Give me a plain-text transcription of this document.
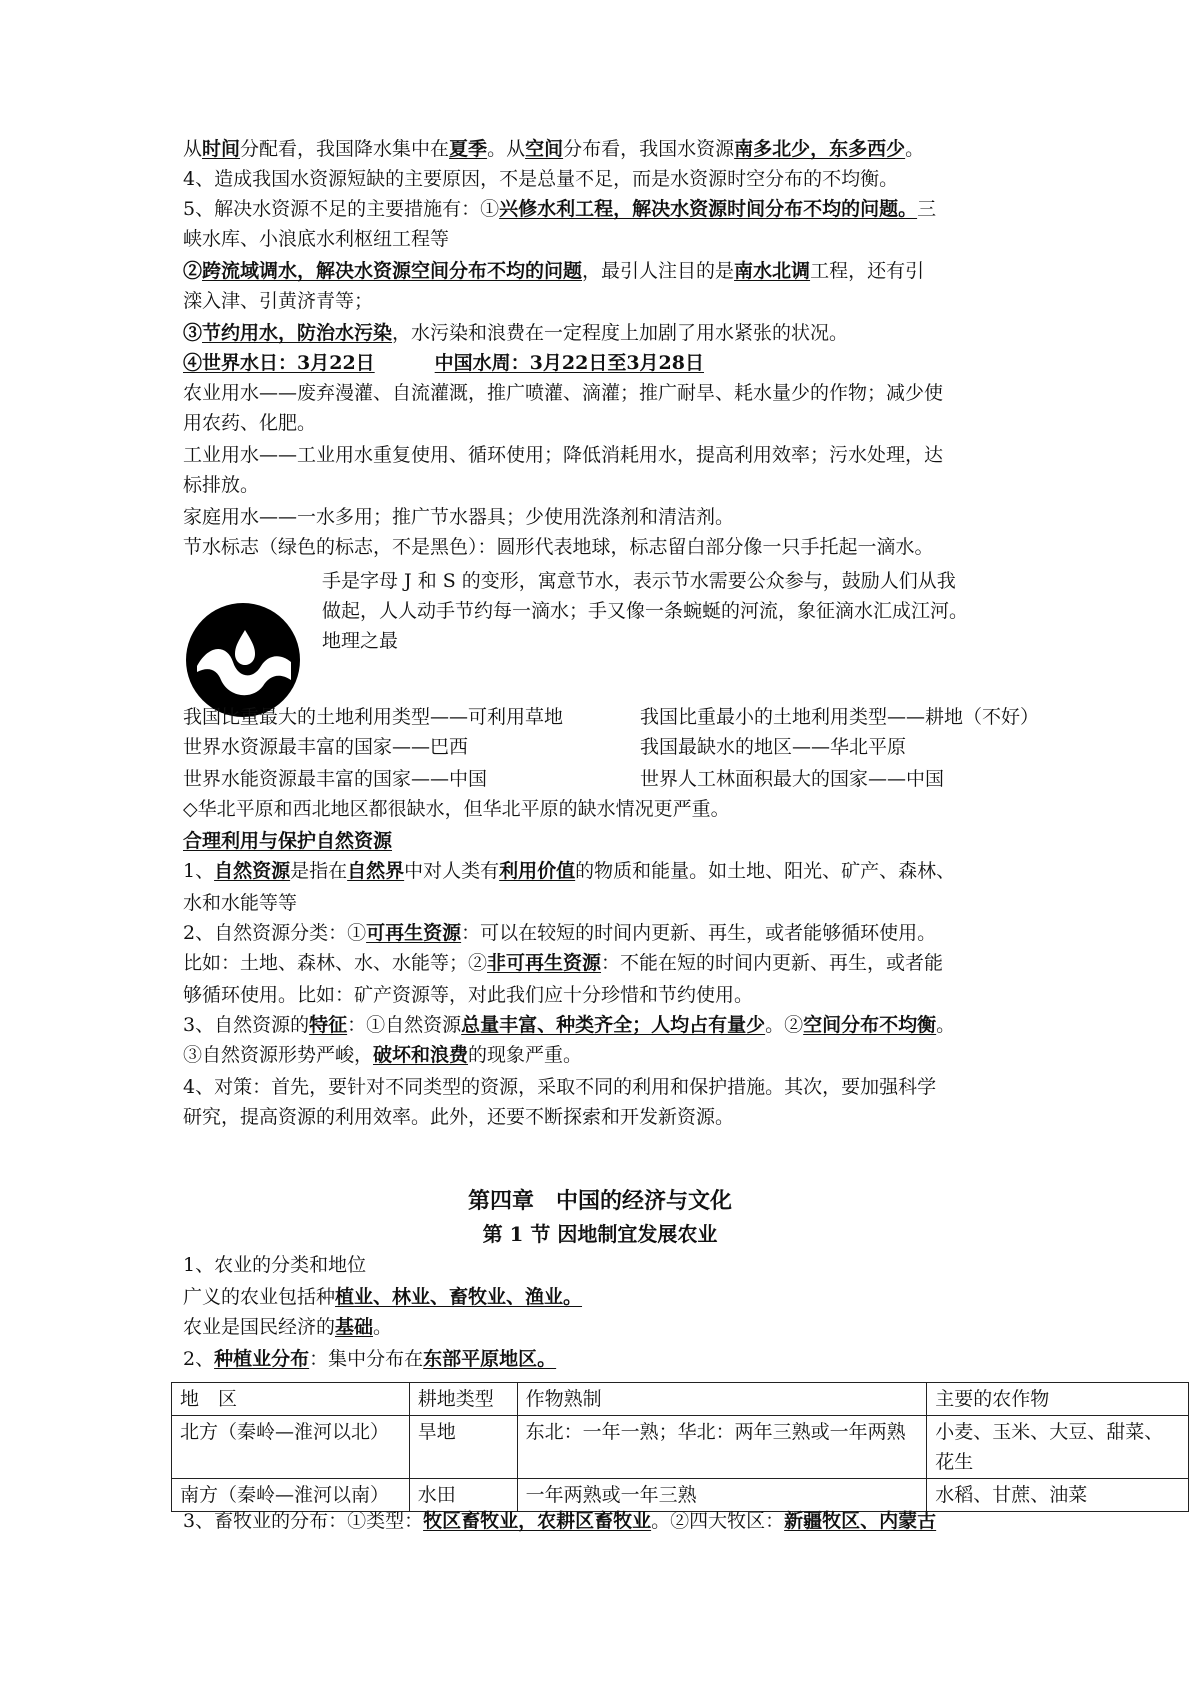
从时间分配看，我国降水集中在夏季。从空间分布看，我国水资源南多北少，东多西少。
4、造成我国水资源短缺的主要原因，不是总量不足，而是水资源时空分布的不均衡。
5、解决水资源不足的主要措施有：①兴修水利工程，解决水资源时间分布不均的问题。三
峡水库、小浪底水利枢纽工程等
②跨流域调水，解决水资源空间分布不均的问题，最引人注目的是南水北调工程，还有引
滦入津、引黄济青等；
③节约用水，防治水污染，水污染和浪费在一定程度上加剧了用水紧张的状况。
④世界水日：3月22日	中国水周：3月22日至3月28日
农业用水——废弃漫灌、自流灌溉，推广喷灌、滴灌；推广耐旱、耗水量少的作物；减少使
用农药、化肥。
工业用水——工业用水重复使用、循环使用；降低消耗用水，提高利用效率；污水处理，达
标排放。
家庭用水——一水多用；推广节水器具；少使用洗涤剂和清洁剂。
节水标志（绿色的标志，不是黑色）：圆形代表地球，标志留白部分像一只手托起一滴水。
手是字母 J 和 S 的变形，寓意节水，表示节水需要公众参与，鼓励人们从我
做起，人人动手节约每一滴水；手又像一条蜿蜒的河流，象征滴水汇成江河。
地理之最
我国比重最大的土地利用类型——可利用草地	我国比重最小的土地利用类型——耕地（不好）
世界水资源最丰富的国家——巴西	我国最缺水的地区——华北平原
世界水能资源最丰富的国家——中国	世界人工林面积最大的国家——中国
◇华北平原和西北地区都很缺水，但华北平原的缺水情况更严重。
合理利用与保护自然资源
1、自然资源是指在自然界中对人类有利用价值的物质和能量。如土地、阳光、矿产、森林、
水和水能等等
2、自然资源分类：①可再生资源：可以在较短的时间内更新、再生，或者能够循环使用。
比如：土地、森林、水、水能等；②非可再生资源：不能在短的时间内更新、再生，或者能
够循环使用。比如：矿产资源等，对此我们应十分珍惜和节约使用。
3、自然资源的特征：①自然资源总量丰富、种类齐全；人均占有量少。②空间分布不均衡。
③自然资源形势严峻，破坏和浪费的现象严重。
4、对策：首先，要针对不同类型的资源，采取不同的利用和保护措施。其次，要加强科学
研究，提高资源的利用效率。此外，还要不断探索和开发新资源。
第四章　中国的经济与文化
第 1 节 因地制宜发展农业
1、农业的分类和地位
广义的农业包括种植业、林业、畜牧业、渔业。
农业是国民经济的基础。
2、种植业分布：集中分布在东部平原地区。
地　区	耕地类型	作物熟制	主要的农作物
北方（秦岭—淮河以北）	旱地	东北：一年一熟；华北：两年三熟或一年两熟	小麦、玉米、大豆、甜菜、花生
南方（秦岭—淮河以南）	水田	一年两熟或一年三熟	水稻、甘蔗、油菜
3、畜牧业的分布：①类型：牧区畜牧业，农耕区畜牧业。②四大牧区：新疆牧区、内蒙古
